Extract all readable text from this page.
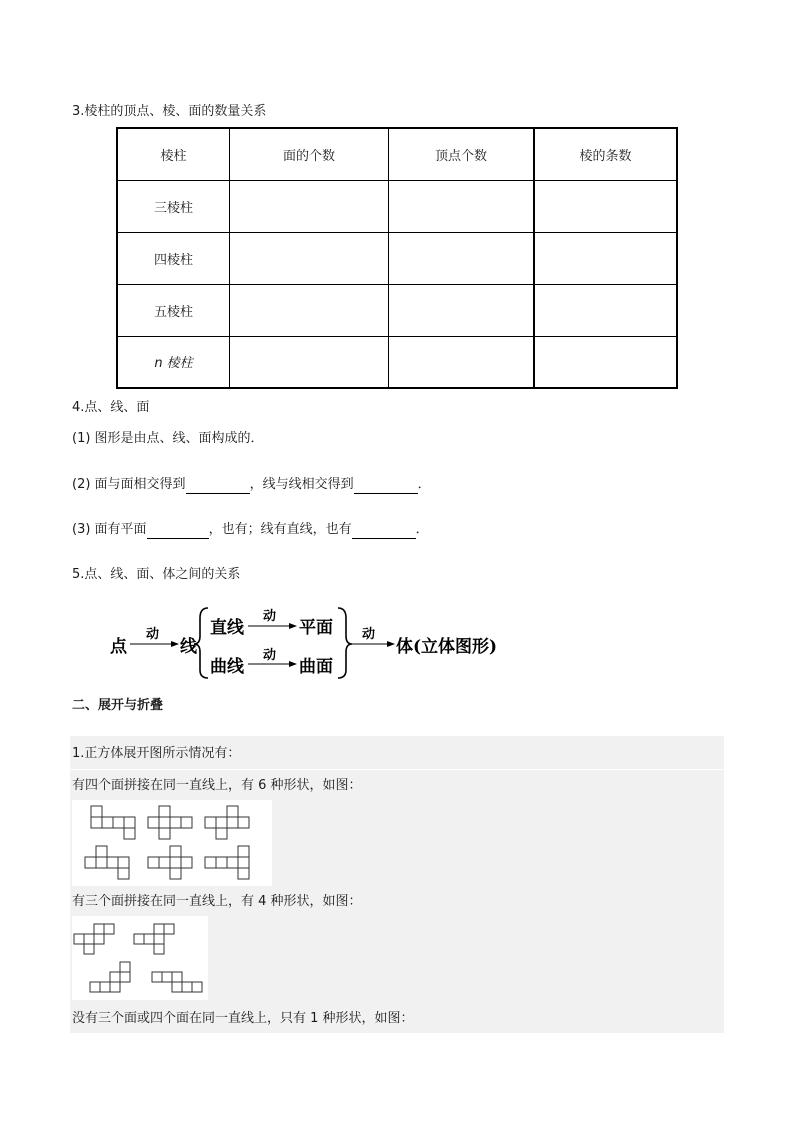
3.棱柱的顶点、棱、面的数量关系
棱柱	面的个数	顶点个数	棱的条数
三棱柱			
四棱柱			
五棱柱			
n 棱柱			
4.点、线、面
(1) 图形是由点、线、面构成的．
(2) 面与面相交得到	，线与线相交得到	．
(3) 面有平面	，也有；线有直线，也有	．
5.点、线、面、体之间的关系
点
动
线
直线
动
平面
曲线
动
曲面
动
体(立体图形)
二、展开与折叠
1.正方体展开图所示情况有：
有四个面拼接在同一直线上，有 6 种形状，如图：
有三个面拼接在同一直线上，有 4 种形状，如图：
没有三个面或四个面在同一直线上，只有 1 种形状，如图：
